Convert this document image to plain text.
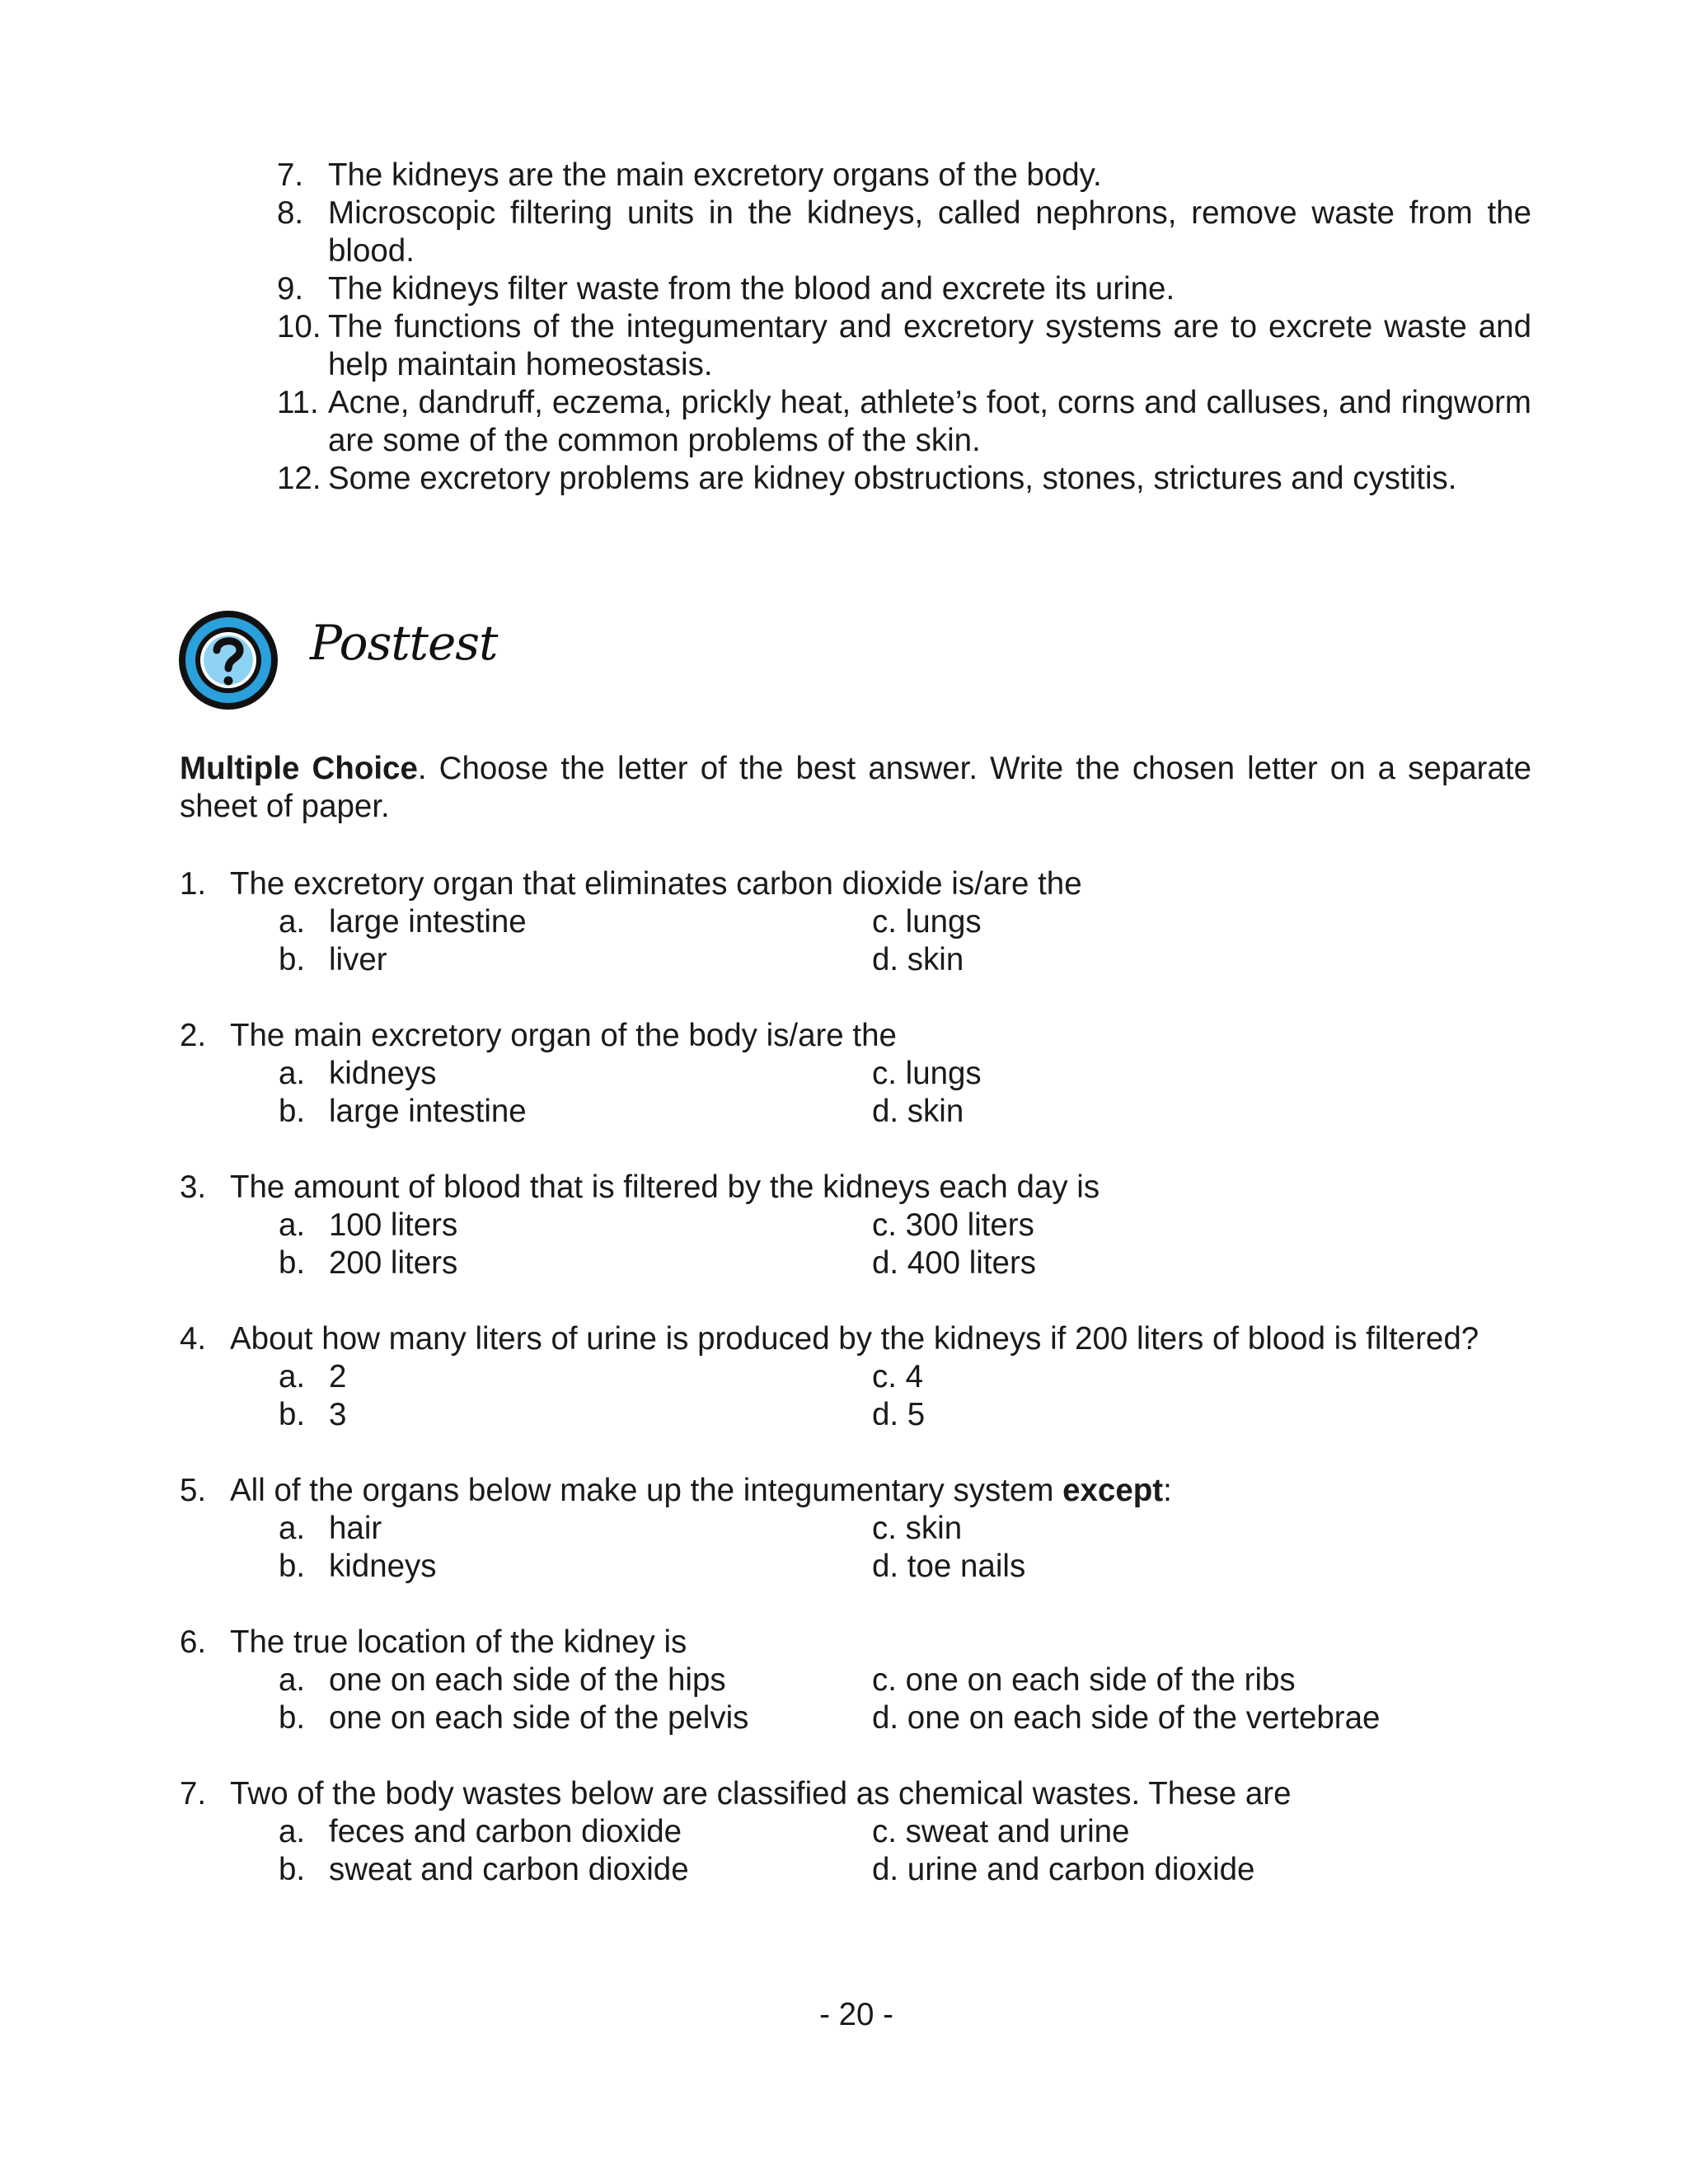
7. The kidneys are the main excretory organs of the body.
8. Microscopic filtering units in the kidneys, called nephrons, remove waste from the blood.
9. The kidneys filter waste from the blood and excrete its urine.
10. The functions of the integumentary and excretory systems are to excrete waste and help maintain homeostasis.
11. Acne, dandruff, eczema, prickly heat, athlete’s foot, corns and calluses, and ringworm are some of the common problems of the skin.
12. Some excretory problems are kidney obstructions, stones, strictures and cystitis.
Posttest
Multiple Choice. Choose the letter of the best answer. Write the chosen letter on a separate sheet of paper.
1. The excretory organ that eliminates carbon dioxide is/are the
a. large intestine	c. lungs
b. liver	d. skin
2. The main excretory organ of the body is/are the
a. kidneys	c. lungs
b. large intestine	d. skin
3. The amount of blood that is filtered by the kidneys each day is
a. 100 liters	c. 300 liters
b. 200 liters	d. 400 liters
4. About how many liters of urine is produced by the kidneys if 200 liters of blood is filtered?
a. 2	c. 4
b. 3	d. 5
5. All of the organs below make up the integumentary system except:
a. hair	c. skin
b. kidneys	d. toe nails
6. The true location of the kidney is
a. one on each side of the hips	c. one on each side of the ribs
b. one on each side of the pelvis	d. one on each side of the vertebrae
7. Two of the body wastes below are classified as chemical wastes. These are
a. feces and carbon dioxide	c. sweat and urine
b. sweat and carbon dioxide	d. urine and carbon dioxide
- 20 -
